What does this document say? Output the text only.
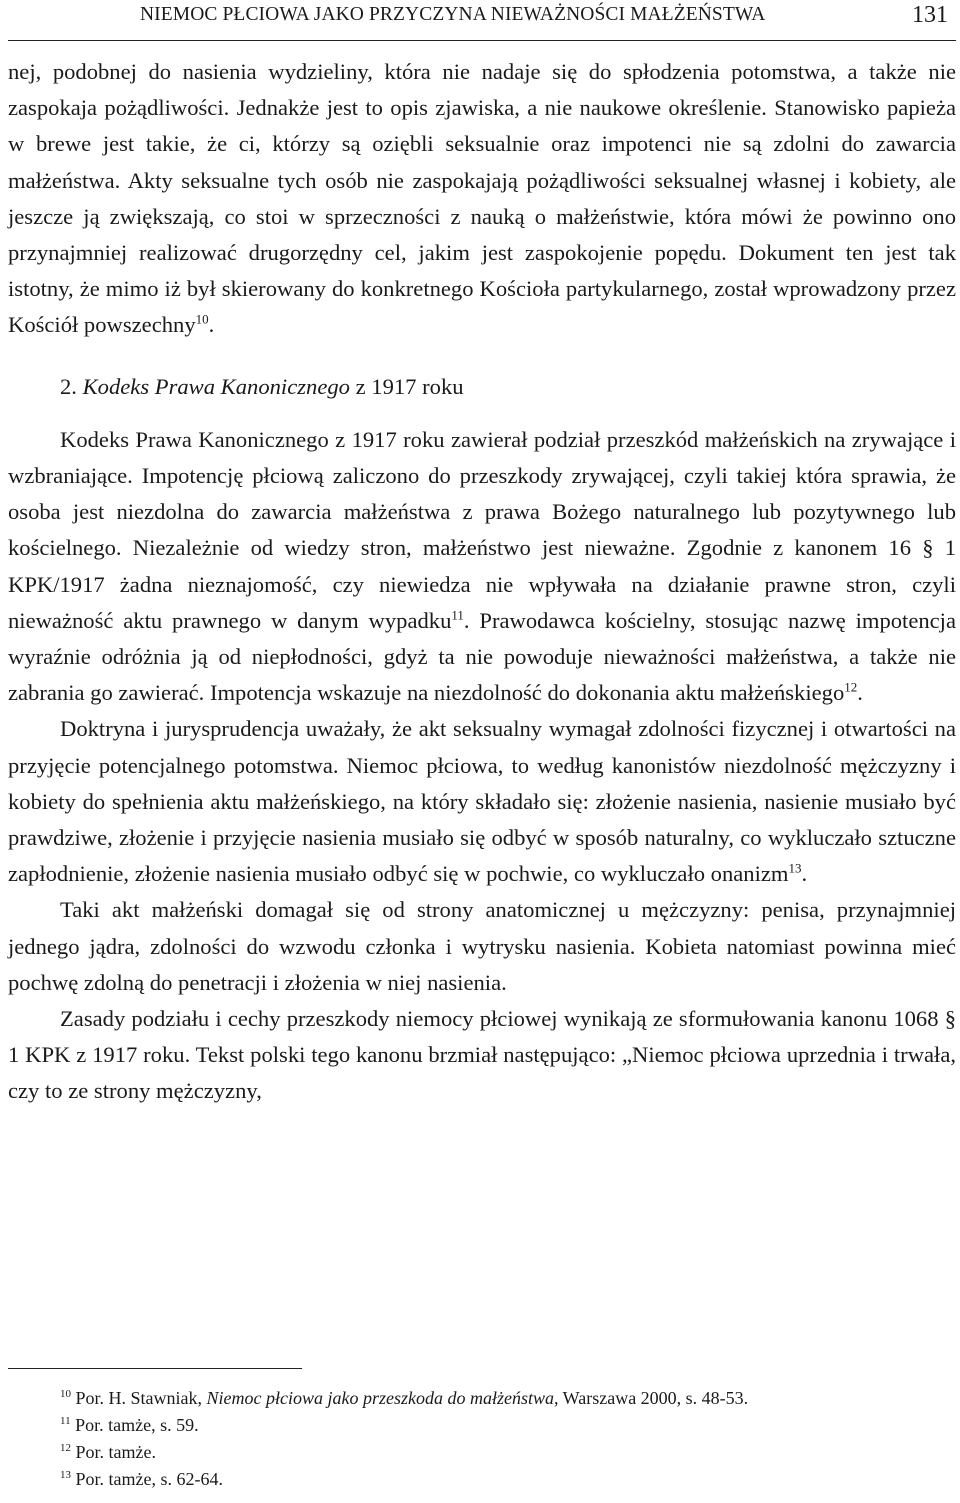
NIEMOC PŁCIOWA JAKO PRZYCZYNA NIEWAŻNOŚCI MAŁŻEŃSTWA	131

nej, podobnej do nasienia wydzieliny, która nie nadaje się do spłodzenia potomstwa, a także nie zaspokaja pożądliwości. Jednakże jest to opis zjawiska, a nie naukowe określenie. Stanowisko papieża w brewe jest takie, że ci, którzy są oziębli seksualnie oraz impotenci nie są zdolni do zawarcia małżeństwa. Akty seksualne tych osób nie zaspokajają pożądliwości seksualnej własnej i kobiety, ale jeszcze ją zwiększają, co stoi w sprzeczności z nauką o małżeństwie, która mówi że powinno ono przynajmniej realizować drugorzędny cel, jakim jest zaspokojenie popędu. Dokument ten jest tak istotny, że mimo iż był skierowany do konkretnego Kościoła partykularnego, został wprowadzony przez Kościół powszechny$^{10}$.

2. Kodeks Prawa Kanonicznego z 1917 roku

Kodeks Prawa Kanonicznego z 1917 roku zawierał podział przeszkód małżeńskich na zrywające i wzbraniające. Impotencję płciową zaliczono do przeszkody zrywającej, czyli takiej która sprawia, że osoba jest niezdolna do zawarcia małżeństwa z prawa Bożego naturalnego lub pozytywnego lub kościelnego. Niezależnie od wiedzy stron, małżeństwo jest nieważne. Zgodnie z kanonem 16 § 1 KPK/1917 żadna nieznajomość, czy niewiedza nie wpływała na działanie prawne stron, czyli nieważność aktu prawnego w danym wypadku$^{11}$. Prawodawca kościelny, stosując nazwę impotencja wyraźnie odróżnia ją od niepłodności, gdyż ta nie powoduje nieważności małżeństwa, a także nie zabrania go zawierać. Impotencja wskazuje na niezdolność do dokonania aktu małżeńskiego$^{12}$.

Doktryna i jurysprudencja uważały, że akt seksualny wymagał zdolności fizycznej i otwartości na przyjęcie potencjalnego potomstwa. Niemoc płciowa, to według kanonistów niezdolność mężczyzny i kobiety do spełnienia aktu małżeńskiego, na który składało się: złożenie nasienia, nasienie musiało być prawdziwe, złożenie i przyjęcie nasienia musiało się odbyć w sposób naturalny, co wykluczało sztuczne zapłodnienie, złożenie nasienia musiało odbyć się w pochwie, co wykluczało onanizm$^{13}$.

Taki akt małżeński domagał się od strony anatomicznej u mężczyzny: penisa, przynajmniej jednego jądra, zdolności do wzwodu członka i wytrysku nasienia. Kobieta natomiast powinna mieć pochwę zdolną do penetracji i złożenia w niej nasienia.

Zasady podziału i cechy przeszkody niemocy płciowej wynikają ze sformułowania kanonu 1068 § 1 KPK z 1917 roku. Tekst polski tego kanonu brzmiał następująco: „Niemoc płciowa uprzednia i trwała, czy to ze strony mężczyzny,

$^{10}$ Por. H. Stawniak, Niemoc płciowa jako przeszkoda do małżeństwa, Warszawa 2000, s. 48-53.
$^{11}$ Por. tamże, s. 59.
$^{12}$ Por. tamże.
$^{13}$ Por. tamże, s. 62-64.
